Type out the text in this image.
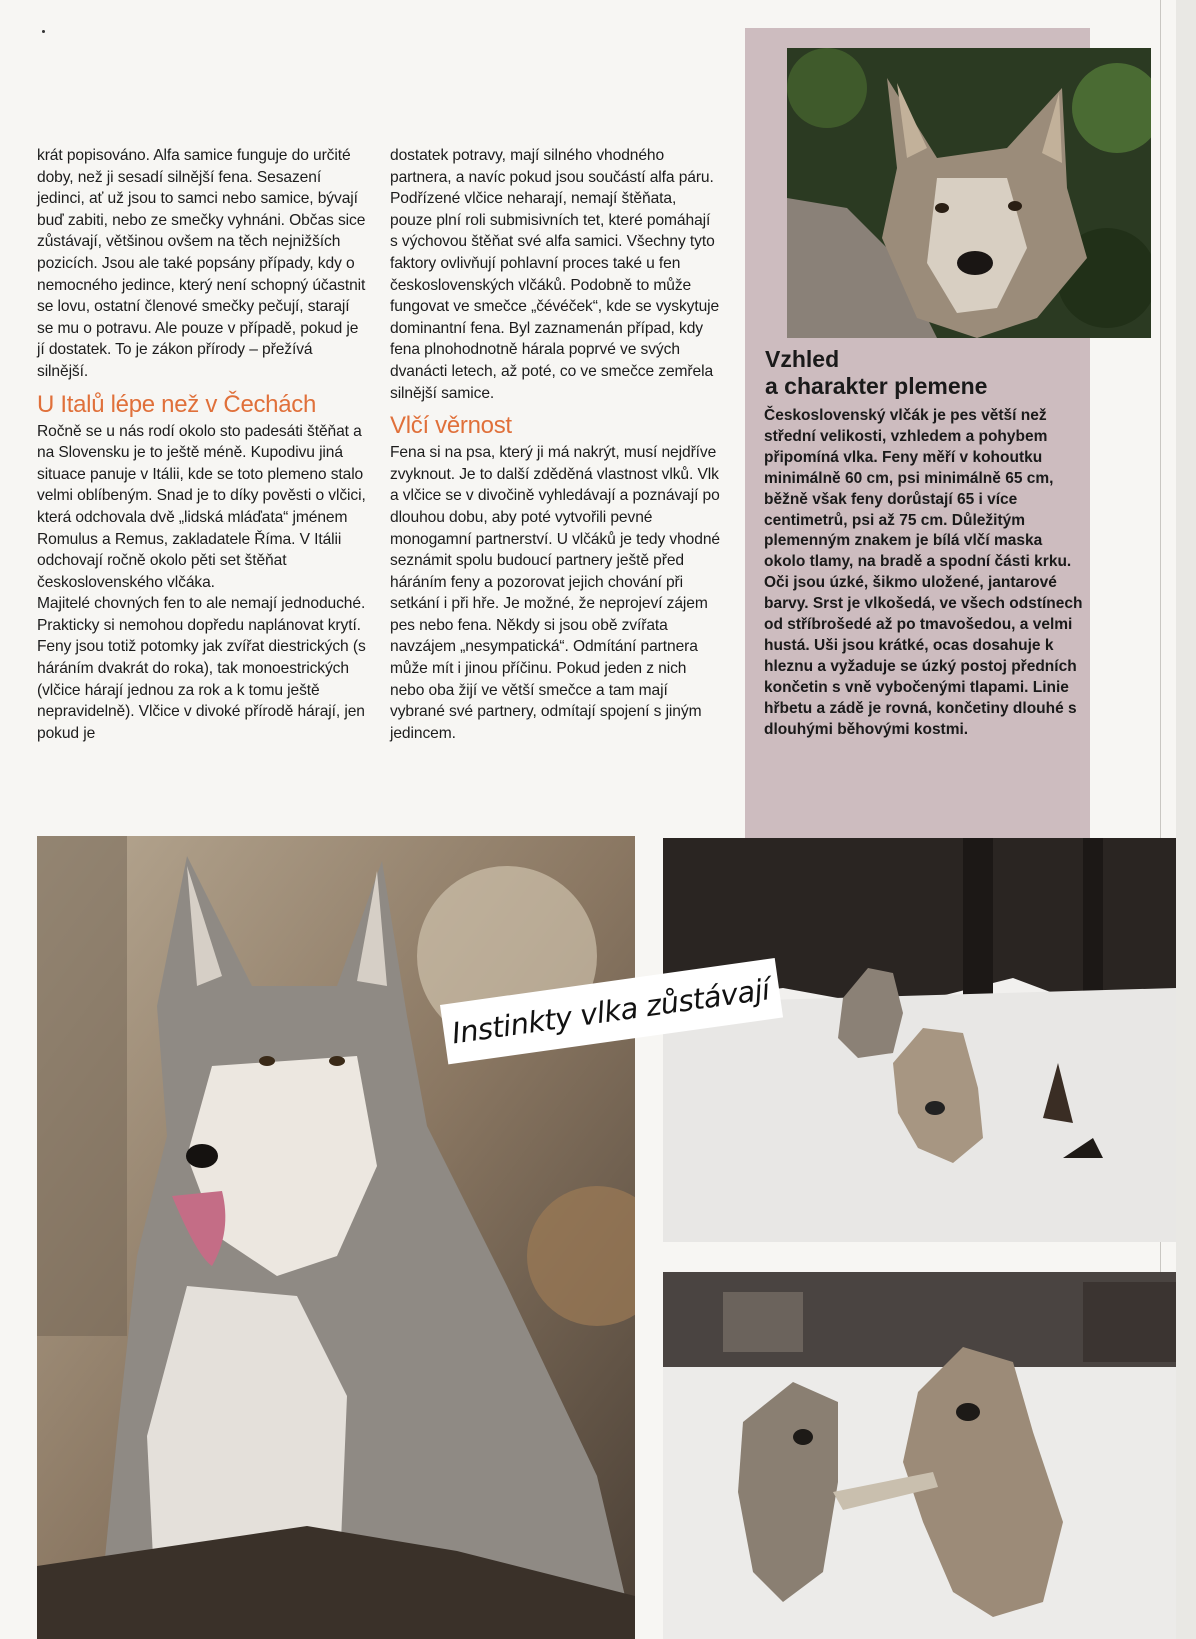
krát popisováno. Alfa samice funguje do určité doby, než ji sesadí silnější fena. Sesazení jedinci, ať už jsou to samci nebo samice, bývají buď zabiti, nebo ze smečky vyhnáni. Občas sice zůstávají, většinou ovšem na těch nejnižších pozicích. Jsou ale také popsány případy, kdy o nemocného jedince, který není schopný účastnit se lovu, ostatní členové smečky pečují, starají se mu o potravu. Ale pouze v případě, pokud je jí dostatek. To je zákon přírody – přežívá silnější.

U Italů lépe než v Čechách

Ročně se u nás rodí okolo sto padesáti štěňat a na Slovensku je to ještě méně. Kupodivu jiná situace panuje v Itálii, kde se toto plemeno stalo velmi oblíbeným. Snad je to díky pověsti o vlčici, která odchovala dvě „lidská mláďata“ jménem Romulus a Remus, zakladatele Říma. V Itálii odchovají ročně okolo pěti set štěňat československého vlčáka.

Majitelé chovných fen to ale nemají jednoduché. Prakticky si nemohou dopředu naplánovat krytí. Feny jsou totiž potomky jak zvířat diestrických (s háráním dvakrát do roka), tak monoestrických (vlčice hárají jednou za rok a k tomu ještě nepravidelně). Vlčice v divoké přírodě hárají, jen pokud je

dostatek potravy, mají silného vhodného partnera, a navíc pokud jsou součástí alfa páru. Podřízené vlčice neharají, nemají štěňata, pouze plní roli submisivních tet, které pomáhají s výchovou štěňat své alfa samici. Všechny tyto faktory ovlivňují pohlavní proces také u fen československých vlčáků. Podobně to může fungovat ve smečce „čévéček“, kde se vyskytuje dominantní fena. Byl zaznamenán případ, kdy fena plnohodnotně hárala poprvé ve svých dvanácti letech, až poté, co ve smečce zemřela silnější samice.

Vlčí věrnost

Fena si na psa, který ji má nakrýt, musí nejdříve zvyknout. Je to další zděděná vlastnost vlků. Vlk a vlčice se v divočině vyhledávají a poznávají po dlouhou dobu, aby poté vytvořili pevné monogamní partnerství. U vlčáků je tedy vhodné seznámit spolu budoucí partnery ještě před háráním feny a pozorovat jejich chování při setkání i při hře. Je možné, že neprojeví zájem pes nebo fena. Někdy si jsou obě zvířata navzájem „nesympatická“. Odmítání partnera může mít i jinou příčinu. Pokud jeden z nich nebo oba žijí ve větší smečce a tam mají vybrané své partnery, odmítají spojení s jiným jedincem.

Vzhled
a charakter plemene

Československý vlčák je pes větší než střední velikosti, vzhledem a pohybem připomíná vlka. Feny měří v kohoutku minimálně 60 cm, psi minimálně 65 cm, běžně však feny dorůstají 65 i více centimetrů, psi až 75 cm. Důležitým plemenným znakem je bílá vlčí maska okolo tlamy, na bradě a spodní části krku. Oči jsou úzké, šikmo uložené, jantarové barvy. Srst je vlkošedá, ve všech odstínech od stříbrošedé až po tmavošedou, a velmi hustá. Uši jsou krátké, ocas dosahuje k hleznu a vyžaduje se úzký postoj předních končetin s vně vybočenými tlapami. Linie hřbetu a zádě je rovná, končetiny dlouhé s dlouhými běhovými kostmi.

Instinkty vlka zůstávají
